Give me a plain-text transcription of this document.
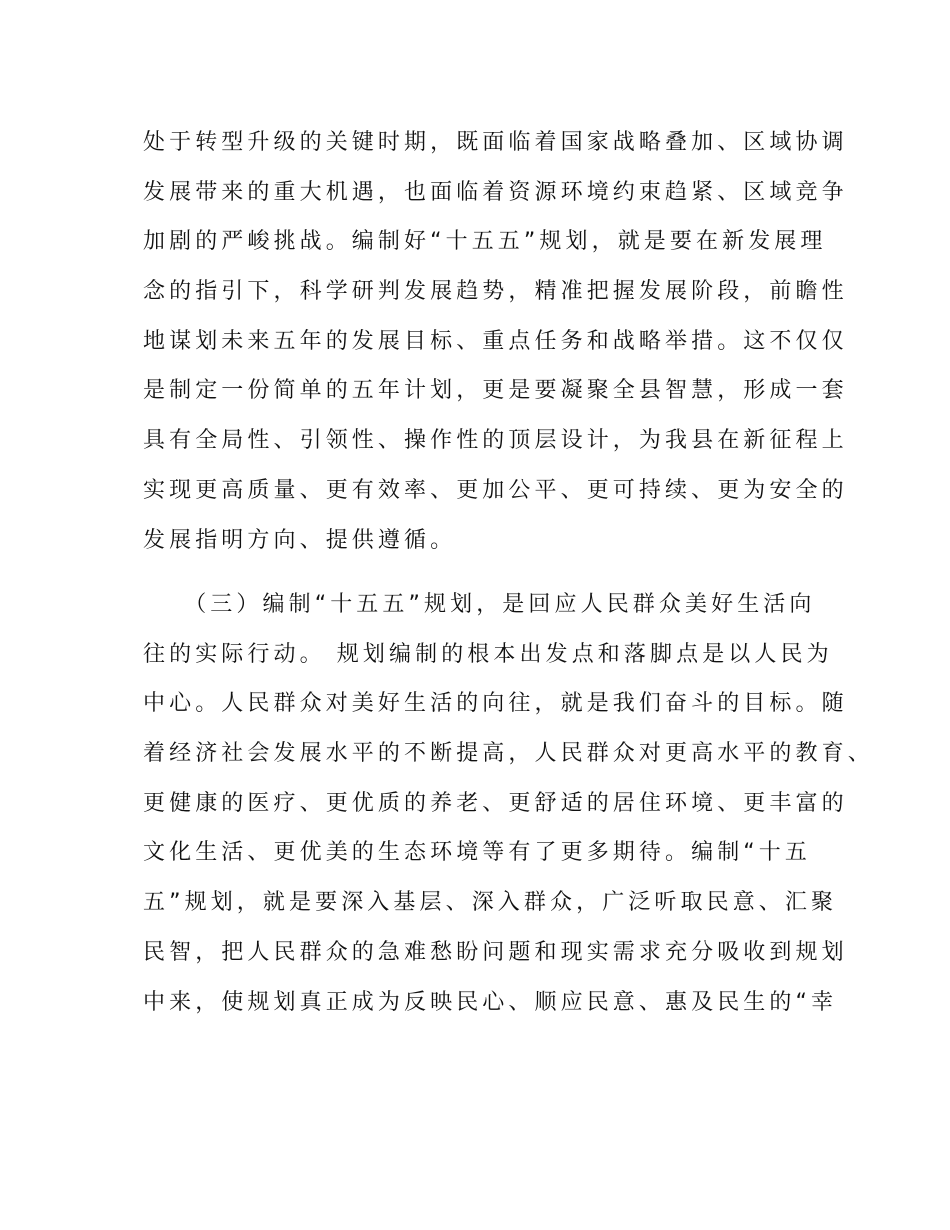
处于转型升级的关键时期，既面临着国家战略叠加、区域协调
发展带来的重大机遇，也面临着资源环境约束趋紧、区域竞争
加剧的严峻挑战。编制好“十五五”规划，就是要在新发展理
念的指引下，科学研判发展趋势，精准把握发展阶段，前瞻性
地谋划未来五年的发展目标、重点任务和战略举措。这不仅仅
是制定一份简单的五年计划，更是要凝聚全县智慧，形成一套
具有全局性、引领性、操作性的顶层设计，为我县在新征程上
实现更高质量、更有效率、更加公平、更可持续、更为安全的
发展指明方向、提供遵循。
　　（三）编制“十五五”规划，是回应人民群众美好生活向
往的实际行动。 规划编制的根本出发点和落脚点是以人民为
中心。人民群众对美好生活的向往，就是我们奋斗的目标。随
着经济社会发展水平的不断提高，人民群众对更高水平的教育、
更健康的医疗、更优质的养老、更舒适的居住环境、更丰富的
文化生活、更优美的生态环境等有了更多期待。编制“十五
五”规划，就是要深入基层、深入群众，广泛听取民意、汇聚
民智，把人民群众的急难愁盼问题和现实需求充分吸收到规划
中来，使规划真正成为反映民心、顺应民意、惠及民生的“幸
